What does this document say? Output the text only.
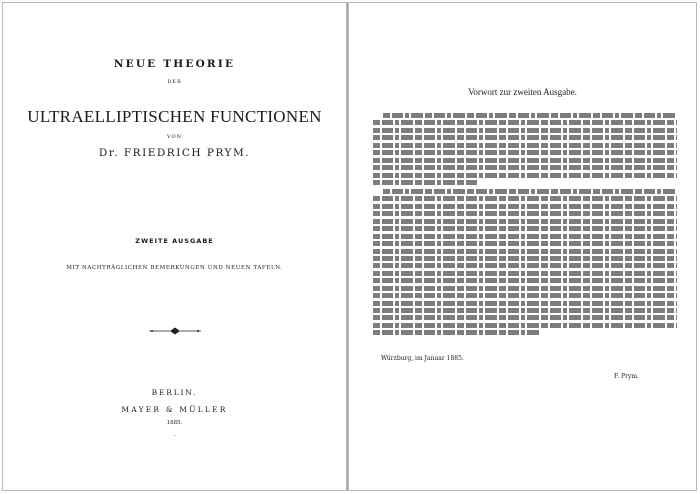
NEUE THEORIE
DER
ULTRAELLIPTISCHEN FUNCTIONEN
VON
Dr. FRIEDRICH PRYM.
ZWEITE AUSGABE
MIT NACHTRÄGLICHEN BEMERKUNGEN UND NEUEN TAFELN.
BERLIN.
MAYER & MÜLLER
1885.
·
Vorwort zur zweiten Ausgabe.
Würzburg, im Januar 1885.
F. Prym.
